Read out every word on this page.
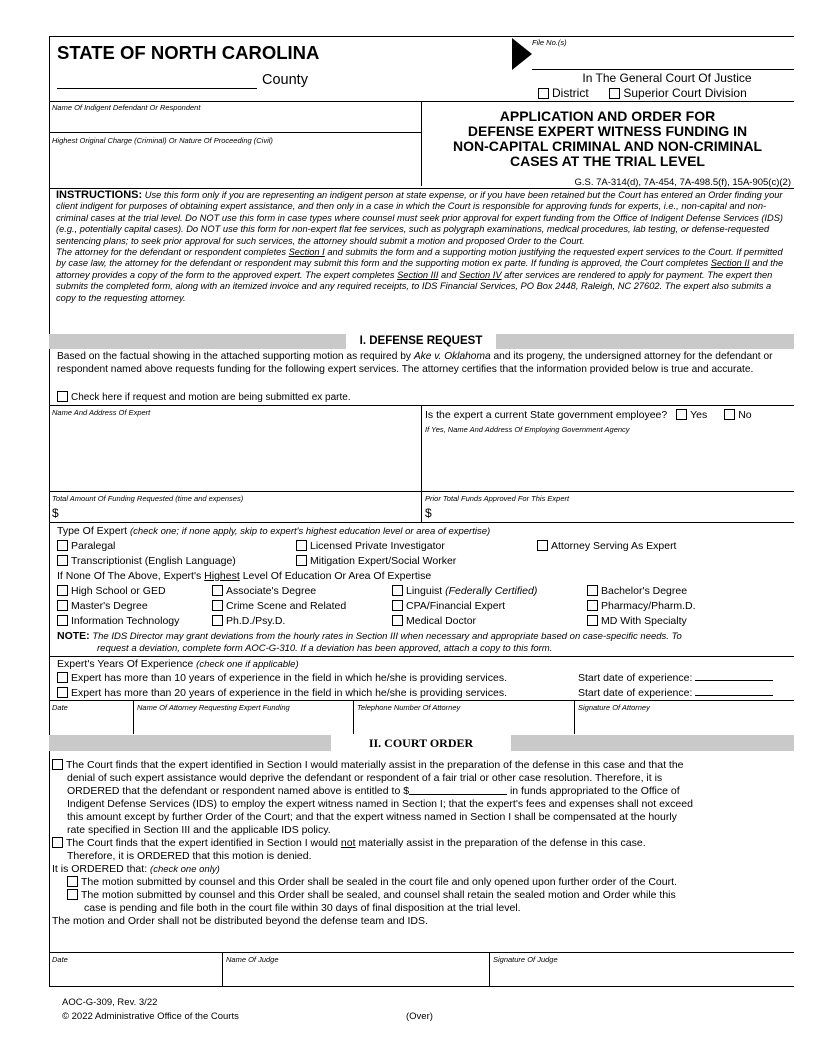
STATE OF NORTH CAROLINA
County
File No.(s)
In The General Court Of Justice
District	Superior Court Division
Name Of Indigent Defendant Or Respondent
Highest Original Charge (Criminal) Or Nature Of Proceeding (Civil)
APPLICATION AND ORDER FOR
DEFENSE EXPERT WITNESS FUNDING IN
NON-CAPITAL CRIMINAL AND NON-CRIMINAL
CASES AT THE TRIAL LEVEL
G.S. 7A-314(d), 7A-454, 7A-498.5(f), 15A-905(c)(2)
INSTRUCTIONS: Use this form only if you are representing an indigent person at state expense, or if you have been retained but the Court has entered an Order finding your client indigent for purposes of obtaining expert assistance, and then only in a case in which the Court is responsible for approving funds for experts, i.e., non-capital and non-criminal cases at the trial level. Do NOT use this form in case types where counsel must seek prior approval for expert funding from the Office of Indigent Defense Services (IDS) (e.g., potentially capital cases). Do NOT use this form for non-expert flat fee services, such as polygraph examinations, medical procedures, lab testing, or defense-requested sentencing plans; to seek prior approval for such services, the attorney should submit a motion and proposed Order to the Court.
The attorney for the defendant or respondent completes Section I and submits the form and a supporting motion justifying the requested expert services to the Court. If permitted by case law, the attorney for the defendant or respondent may submit this form and the supporting motion ex parte. If funding is approved, the Court completes Section II and the attorney provides a copy of the form to the approved expert. The expert completes Section III and Section IV after services are rendered to apply for payment. The expert then submits the completed form, along with an itemized invoice and any required receipts, to IDS Financial Services, PO Box 2448, Raleigh, NC 27602. The expert also submits a copy to the requesting attorney.
I. DEFENSE REQUEST
Based on the factual showing in the attached supporting motion as required by Ake v. Oklahoma and its progeny, the undersigned attorney for the defendant or respondent named above requests funding for the following expert services. The attorney certifies that the information provided below is true and accurate.
Check here if request and motion are being submitted ex parte.
Name And Address Of Expert	Is the expert a current State government employee? Yes	No
If Yes, Name And Address Of Employing Government Agency
Total Amount Of Funding Requested (time and expenses)
$
Prior Total Funds Approved For This Expert
$
Type Of Expert (check one; if none apply, skip to expert's highest education level or area of expertise)
Paralegal	Licensed Private Investigator	Attorney Serving As Expert
Transcriptionist (English Language)	Mitigation Expert/Social Worker
If None Of The Above, Expert's Highest Level Of Education Or Area Of Expertise
High School or GED	Associate's Degree	Linguist (Federally Certified)	Bachelor's Degree
Master's Degree	Crime Scene and Related	CPA/Financial Expert	Pharmacy/Pharm.D.
Information Technology	Ph.D./Psy.D.	Medical Doctor	MD With Specialty
NOTE: The IDS Director may grant deviations from the hourly rates in Section III when necessary and appropriate based on case-specific needs. To
request a deviation, complete form AOC-G-310. If a deviation has been approved, attach a copy to this form.
Expert's Years Of Experience (check one if applicable)
Expert has more than 10 years of experience in the field in which he/she is providing services.	Start date of experience:
Expert has more than 20 years of experience in the field in which he/she is providing services.	Start date of experience:
Date	Name Of Attorney Requesting Expert Funding	Telephone Number Of Attorney	Signature Of Attorney
II. COURT ORDER
The Court finds that the expert identified in Section I would materially assist in the preparation of the defense in this case and that the
denial of such expert assistance would deprive the defendant or respondent of a fair trial or other case resolution. Therefore, it is
ORDERED that the defendant or respondent named above is entitled to $	in funds appropriated to the Office of
Indigent Defense Services (IDS) to employ the expert witness named in Section I; that the expert's fees and expenses shall not exceed
this amount except by further Order of the Court; and that the expert witness named in Section I shall be compensated at the hourly
rate specified in Section III and the applicable IDS policy.
The Court finds that the expert identified in Section I would not materially assist in the preparation of the defense in this case.
Therefore, it is ORDERED that this motion is denied.
It is ORDERED that: (check one only)
The motion submitted by counsel and this Order shall be sealed in the court file and only opened upon further order of the Court.
The motion submitted by counsel and this Order shall be sealed, and counsel shall retain the sealed motion and Order while this
case is pending and file both in the court file within 30 days of final disposition at the trial level.
The motion and Order shall not be distributed beyond the defense team and IDS.
Date	Name Of Judge	Signature Of Judge
AOC-G-309, Rev. 3/22
© 2022 Administrative Office of the Courts	(Over)
